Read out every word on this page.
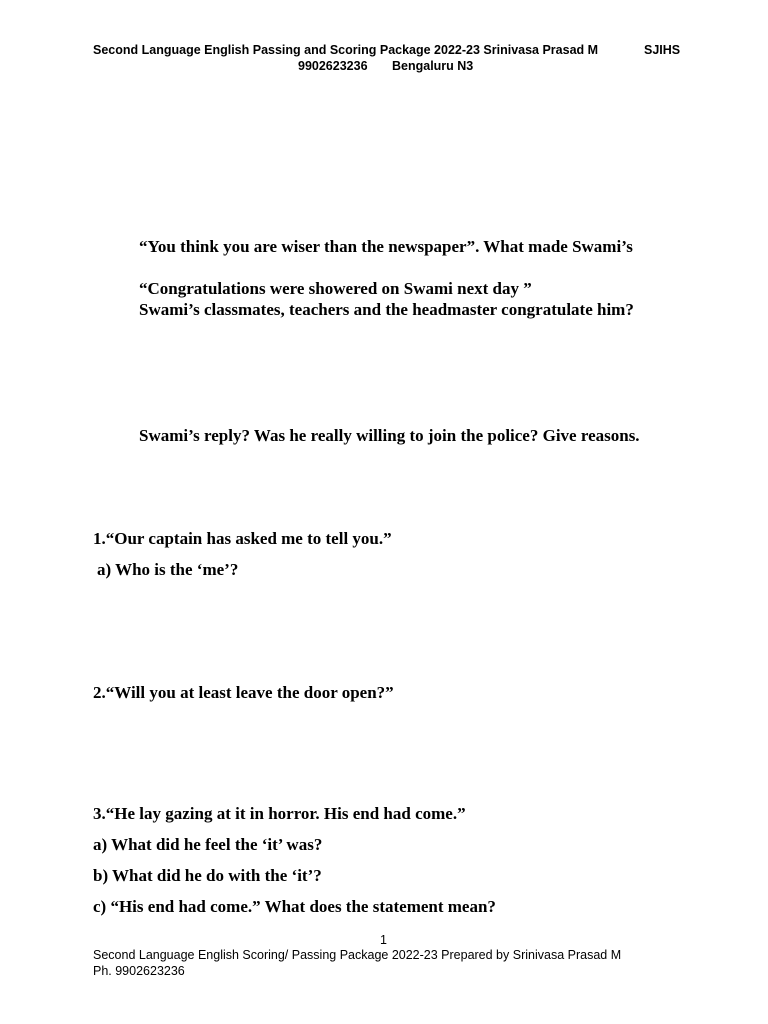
Second Language English Passing and Scoring Package 2022-23 Srinivasa Prasad M	SJIHS
9902623236 Bengaluru N3
“You think you are wiser than the newspaper”. What made Swami’s
“Congratulations were showered on Swami next day ”
Swami’s classmates, teachers and the headmaster congratulate him?
Swami’s reply? Was he really willing to join the police? Give reasons.
1.“Our captain has asked me to tell you.”
a) Who is the ‘me’?
2.“Will you at least leave the door open?”
3.“He lay gazing at it in horror. His end had come.”
a) What did he feel the ‘it’ was?
b) What did he do with the ‘it’?
c) “His end had come.” What does the statement mean?
1
Second Language English Scoring/ Passing Package 2022-23 Prepared by Srinivasa Prasad M
Ph. 9902623236
